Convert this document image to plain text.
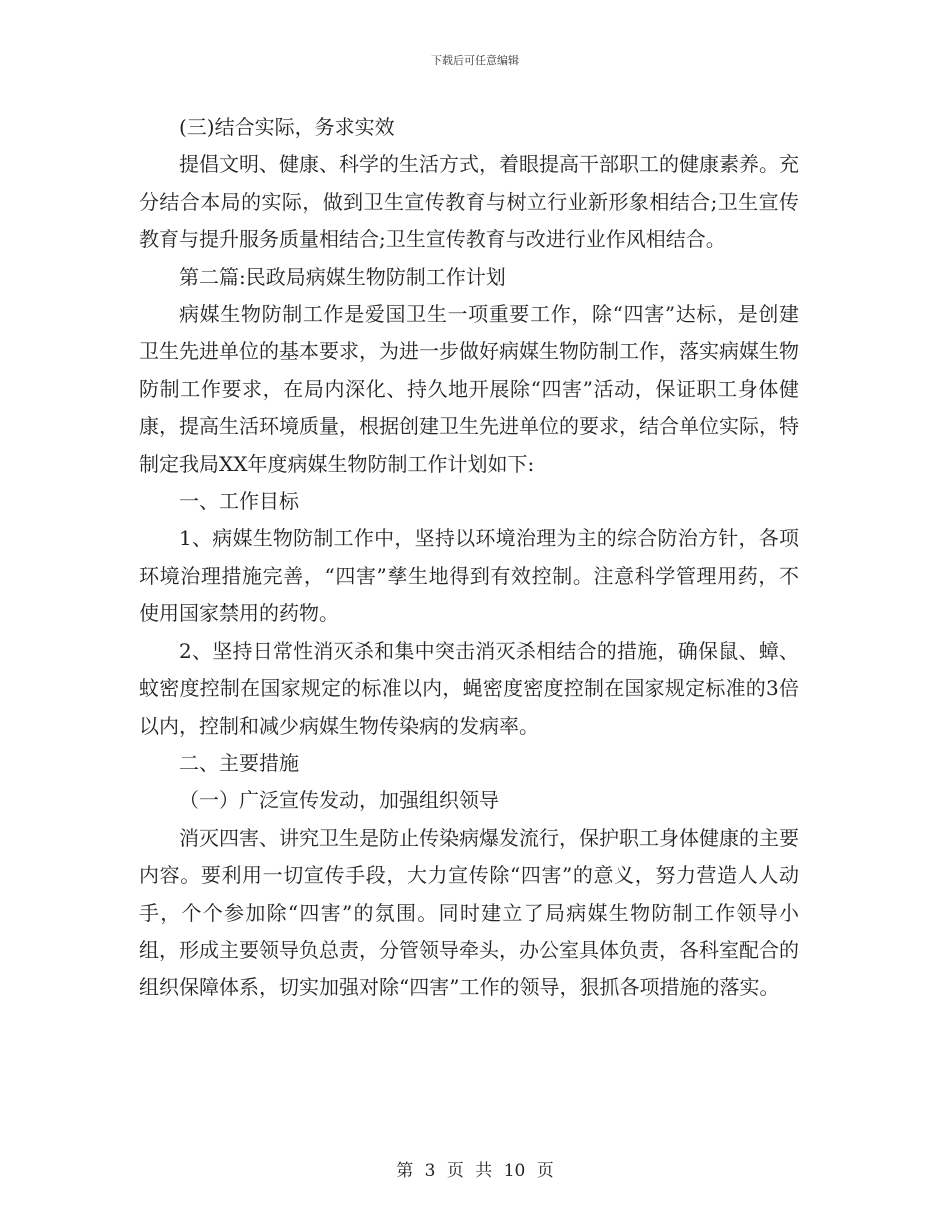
下载后可任意编辑

(三)结合实际，务求实效

提倡文明、健康、科学的生活方式，着眼提高干部职工的健康素养。充分结合本局的实际，做到卫生宣传教育与树立行业新形象相结合;卫生宣传教育与提升服务质量相结合;卫生宣传教育与改进行业作风相结合。

第二篇:民政局病媒生物防制工作计划

病媒生物防制工作是爱国卫生一项重要工作，除“四害”达标，是创建卫生先进单位的基本要求，为进一步做好病媒生物防制工作，落实病媒生物防制工作要求，在局内深化、持久地开展除“四害”活动，保证职工身体健康，提高生活环境质量，根据创建卫生先进单位的要求，结合单位实际，特制定我局XX年度病媒生物防制工作计划如下:

一、工作目标

1、病媒生物防制工作中，坚持以环境治理为主的综合防治方针，各项环境治理措施完善，“四害”孳生地得到有效控制。注意科学管理用药，不使用国家禁用的药物。

2、坚持日常性消灭杀和集中突击消灭杀相结合的措施，确保鼠、蟑、蚊密度控制在国家规定的标准以内，蝇密度密度控制在国家规定标准的3倍以内，控制和减少病媒生物传染病的发病率。

二、主要措施

（一）广泛宣传发动，加强组织领导

消灭四害、讲究卫生是防止传染病爆发流行，保护职工身体健康的主要内容。要利用一切宣传手段，大力宣传除“四害”的意义，努力营造人人动手，个个参加除“四害”的氛围。同时建立了局病媒生物防制工作领导小组，形成主要领导负总责，分管领导牵头，办公室具体负责，各科室配合的组织保障体系，切实加强对除“四害”工作的领导，狠抓各项措施的落实。

第 3 页 共 10 页
